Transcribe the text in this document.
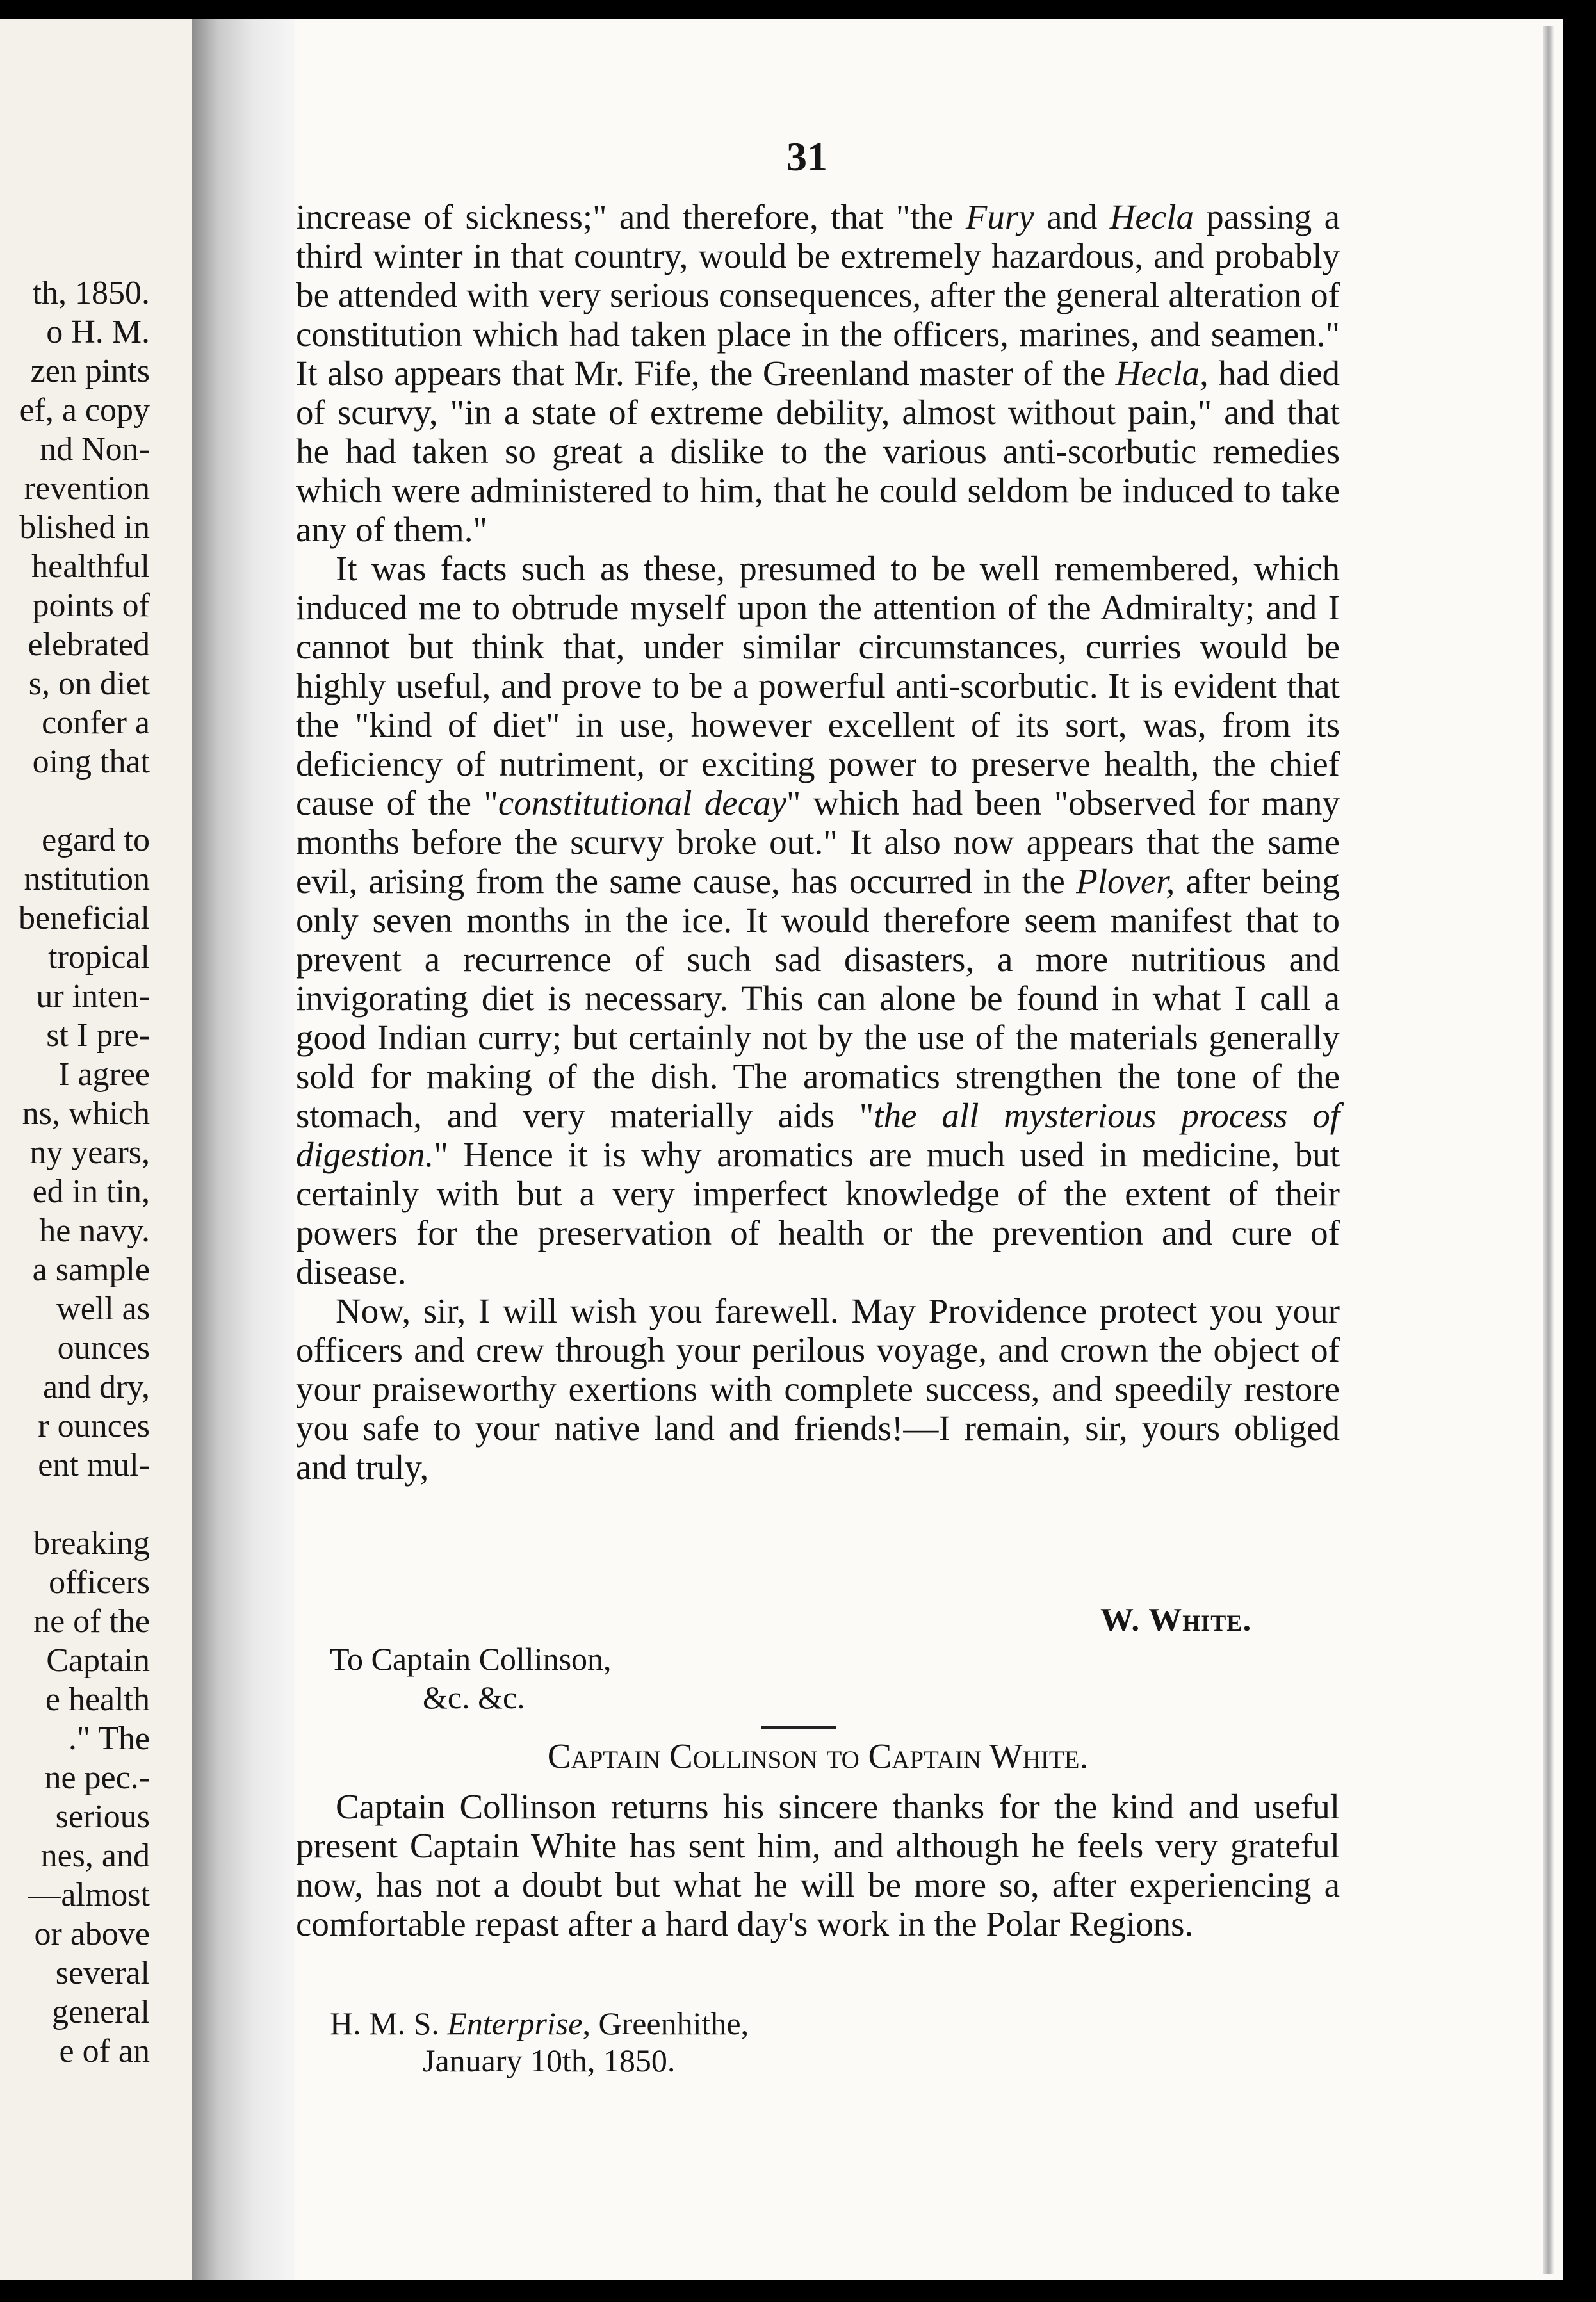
th, 1850.
o H. M.
zen pints
ef, a copy
nd Non-
revention
blished in
healthful
points of
elebrated
s, on diet
confer a
oing that
egard to
nstitution
beneficial
tropical
ur inten-
st I pre-
I agree
ns, which
ny years,
ed in tin,
he navy.
a sample
well as
ounces
and dry,
r ounces
ent mul-
breaking
officers
ne of the
Captain
e health
." The
ne pec.-
serious
nes, and
—almost
or above
several
general
e of an
31

increase of sickness;" and therefore, that "the Fury and Hecla passing a third winter in that country, would be extremely hazardous, and probably be attended with very serious consequences, after the general alteration of constitution which had taken place in the officers, marines, and seamen." It also appears that Mr. Fife, the Greenland master of the Hecla, had died of scurvy, "in a state of extreme debility, almost without pain," and that he had taken so great a dislike to the various anti-scorbutic remedies which were administered to him, that he could seldom be induced to take any of them."

It was facts such as these, presumed to be well remembered, which induced me to obtrude myself upon the attention of the Admiralty; and I cannot but think that, under similar circumstances, curries would be highly useful, and prove to be a powerful anti-scorbutic. It is evident that the "kind of diet" in use, however excellent of its sort, was, from its deficiency of nutriment, or exciting power to preserve health, the chief cause of the "constitutional decay" which had been "observed for many months before the scurvy broke out." It also now appears that the same evil, arising from the same cause, has occurred in the Plover, after being only seven months in the ice. It would therefore seem manifest that to prevent a recurrence of such sad disasters, a more nutritious and invigorating diet is necessary. This can alone be found in what I call a good Indian curry; but certainly not by the use of the materials generally sold for making of the dish. The aromatics strengthen the tone of the stomach, and very materially aids "the all mysterious process of digestion." Hence it is why aromatics are much used in medicine, but certainly with but a very imperfect knowledge of the extent of their powers for the preservation of health or the prevention and cure of disease.

Now, sir, I will wish you farewell. May Providence protect you your officers and crew through your perilous voyage, and crown the object of your praiseworthy exertions with complete success, and speedily restore you safe to your native land and friends!—I remain, sir, yours obliged and truly,

W. White.
To Captain Collinson,
&c. &c.
Captain Collinson to Captain White.

Captain Collinson returns his sincere thanks for the kind and useful present Captain White has sent him, and although he feels very grateful now, has not a doubt but what he will be more so, after experiencing a comfortable repast after a hard day's work in the Polar Regions.

H. M. S. Enterprise, Greenhithe,
January 10th, 1850.
